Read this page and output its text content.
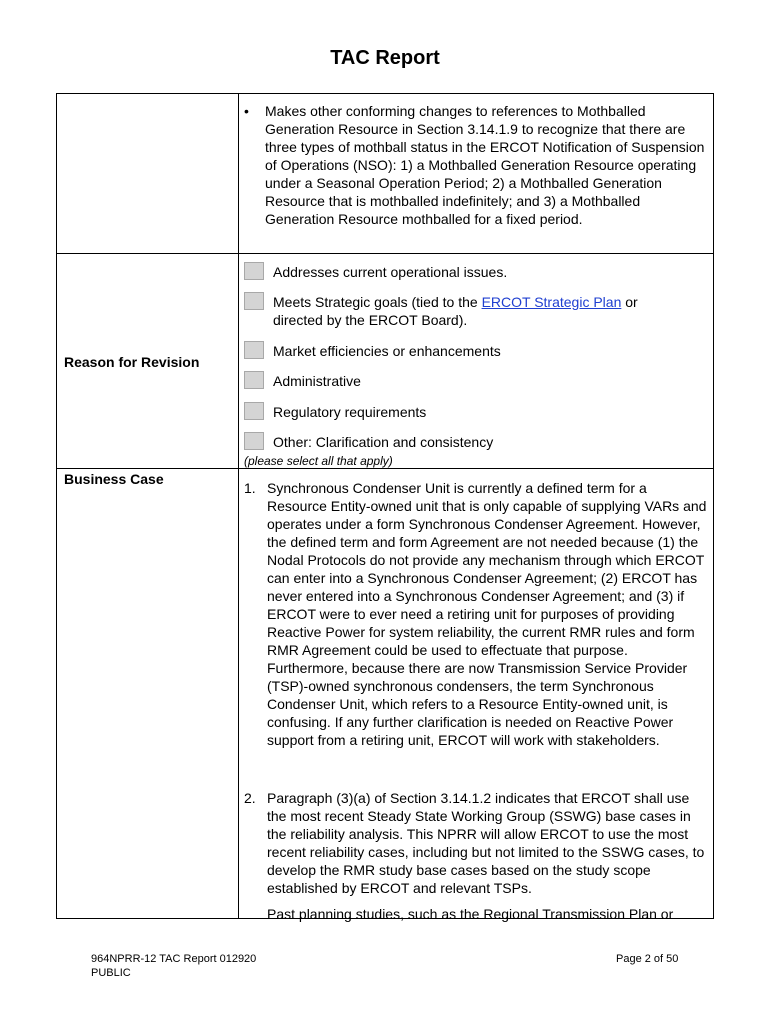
TAC Report
• Makes other conforming changes to references to Mothballed Generation Resource in Section 3.14.1.9 to recognize that there are three types of mothball status in the ERCOT Notification of Suspension of Operations (NSO): 1) a Mothballed Generation Resource operating under a Seasonal Operation Period; 2) a Mothballed Generation Resource that is mothballed indefinitely; and 3) a Mothballed Generation Resource mothballed for a fixed period.
Reason for Revision
Addresses current operational issues.
Meets Strategic goals (tied to the ERCOT Strategic Plan or directed by the ERCOT Board).
Market efficiencies or enhancements
Administrative
Regulatory requirements
Other: Clarification and consistency
(please select all that apply)
Business Case
1. Synchronous Condenser Unit is currently a defined term for a Resource Entity-owned unit that is only capable of supplying VARs and operates under a form Synchronous Condenser Agreement. However, the defined term and form Agreement are not needed because (1) the Nodal Protocols do not provide any mechanism through which ERCOT can enter into a Synchronous Condenser Agreement; (2) ERCOT has never entered into a Synchronous Condenser Agreement; and (3) if ERCOT were to ever need a retiring unit for purposes of providing Reactive Power for system reliability, the current RMR rules and form RMR Agreement could be used to effectuate that purpose. Furthermore, because there are now Transmission Service Provider (TSP)-owned synchronous condensers, the term Synchronous Condenser Unit, which refers to a Resource Entity-owned unit, is confusing. If any further clarification is needed on Reactive Power support from a retiring unit, ERCOT will work with stakeholders.
2. Paragraph (3)(a) of Section 3.14.1.2 indicates that ERCOT shall use the most recent Steady State Working Group (SSWG) base cases in the reliability analysis. This NPRR will allow ERCOT to use the most recent reliability cases, including but not limited to the SSWG cases, to develop the RMR study base cases based on the study scope established by ERCOT and relevant TSPs.
Past planning studies, such as the Regional Transmission Plan or
964NPRR-12 TAC Report 012920
PUBLIC
Page 2 of 50
